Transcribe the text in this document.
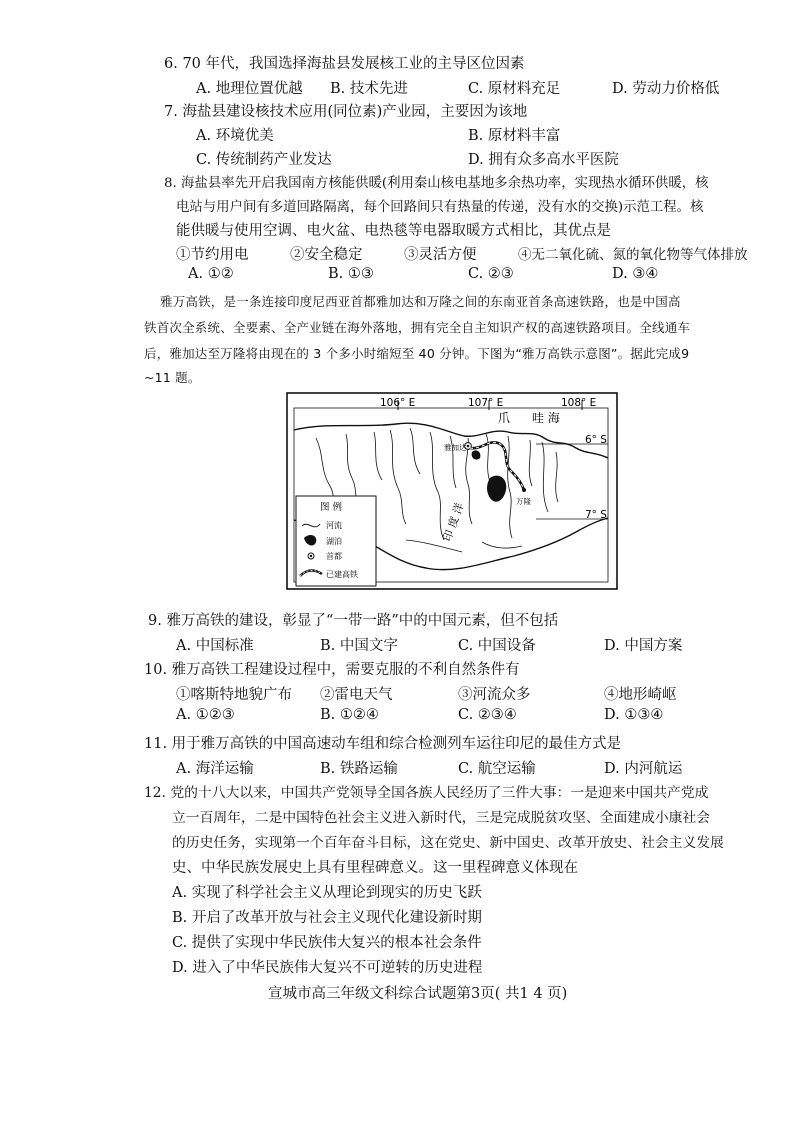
6. 70 年代，我国选择海盐县发展核工业的主导区位因素
A. 地理位置优越 B. 技术先进	C. 原材料充足	D. 劳动力价格低
7. 海盐县建设核技术应用(同位素)产业园，主要因为该地
A. 环境优美	B. 原材料丰富
C. 传统制药产业发达	D. 拥有众多高水平医院
8. 海盐县率先开启我国南方核能供暖(利用秦山核电基地多余热功率，实现热水循环供暖，核
电站与用户间有多道回路隔离，每个回路间只有热量的传递，没有水的交换)示范工程。核
能供暖与使用空调、电火盆、电热毯等电器取暖方式相比，其优点是
①节约用电	②安全稳定	③灵活方便	④无二氧化硫、氮的氧化物等气体排放
A. ①②	B. ①③	C. ②③	D. ③④
雅万高铁，是一条连接印度尼西亚首都雅加达和万隆之间的东南亚首条高速铁路，也是中国高
铁首次全系统、全要素、全产业链在海外落地，拥有完全自主知识产权的高速铁路项目。全线通车
后，雅加达至万隆将由现在的 3 个多小时缩短至 40 分钟。下图为“雅万高铁示意图”。据此完成9
~11 题。
106° E	107° E	108° E
6° S
7° S
爪 哇 海
雅加达
万隆
印 度 洋
图 例
河流
湖泊
首都
已建高铁
9. 雅万高铁的建设，彰显了“一带一路”中的中国元素，但不包括
A. 中国标准	B. 中国文字	C. 中国设备	D. 中国方案
10. 雅万高铁工程建设过程中，需要克服的不利自然条件有
①喀斯特地貌广布 ②雷电天气	③河流众多	④地形崎岖
A. ①②③	B. ①②④	C. ②③④	D. ①③④
11. 用于雅万高铁的中国高速动车组和综合检测列车运往印尼的最佳方式是
A. 海洋运输	B. 铁路运输	C. 航空运输	D. 内河航运
12. 党的十八大以来，中国共产党领导全国各族人民经历了三件大事：一是迎来中国共产党成
立一百周年，二是中国特色社会主义进入新时代，三是完成脱贫攻坚、全面建成小康社会
的历史任务，实现第一个百年奋斗目标，这在党史、新中国史、改革开放史、社会主义发展
史、中华民族发展史上具有里程碑意义。这一里程碑意义体现在
A. 实现了科学社会主义从理论到现实的历史飞跃
B. 开启了改革开放与社会主义现代化建设新时期
C. 提供了实现中华民族伟大复兴的根本社会条件
D. 进入了中华民族伟大复兴不可逆转的历史进程
宣城市高三年级文科综合试题第3页( 共1 4 页)
